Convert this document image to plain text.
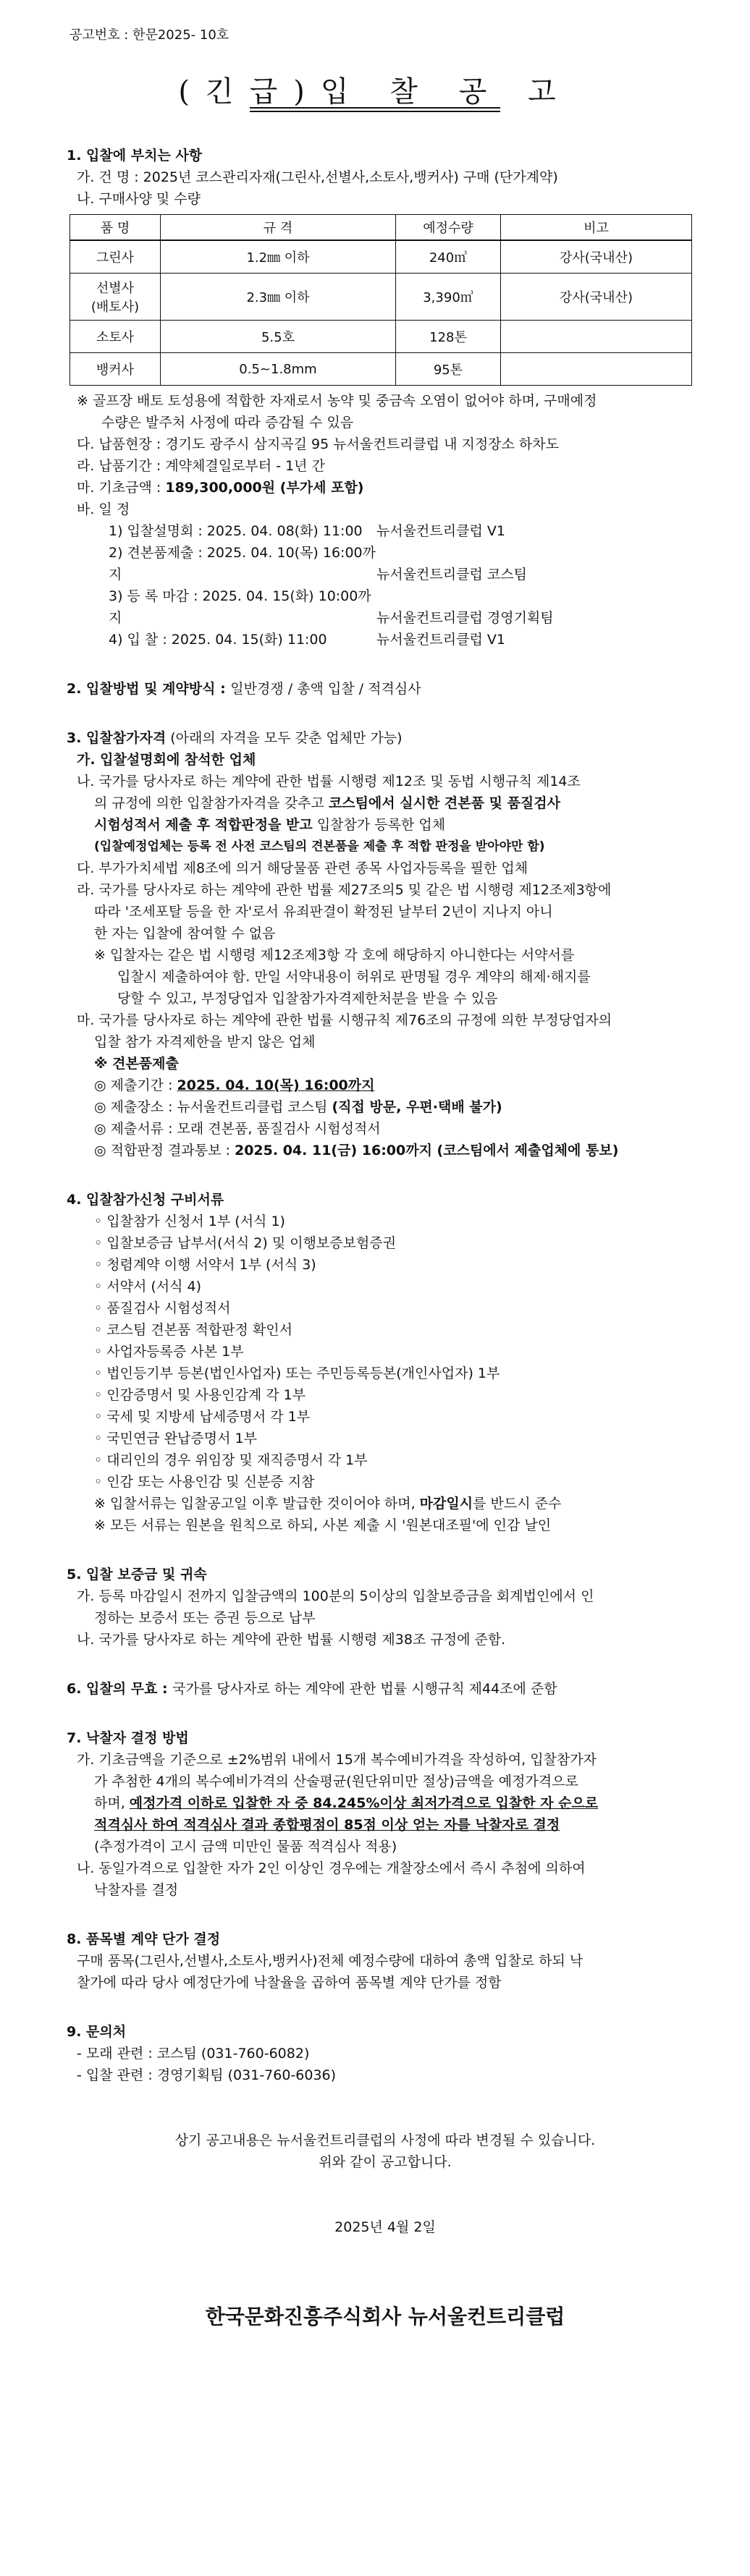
공고번호 : 한문2025- 10호
(긴급)입 찰 공 고

1. 입찰에 부치는 사항

가. 건 명 : 2025년 코스관리자재(그린사,선별사,소토사,뱅커사) 구매 (단가계약)

나. 구매사양 및 수량

품 명	규 격	예정수량	비고
그린사	1.2㎜ 이하	240㎥	강사(국내산)
선별사
(배토사)	2.3㎜ 이하	3,390㎥	강사(국내산)
소토사	5.5호	128톤	
뱅커사	0.5~1.8mm	95톤	

※ 골프장 배토 토성용에 적합한 자재로서 농약 및 중금속 오염이 없어야 하며, 구매예정

수량은 발주처 사정에 따라 증감될 수 있음

다. 납품현장 : 경기도 광주시 삼지곡길 95 뉴서울컨트리클럽 내 지정장소 하차도

라. 납품기간 : 계약체결일로부터 - 1년 간

마. 기초금액 : 189,300,000원 (부가세 포함)

바. 일 정

1) 입찰설명회 : 2025. 04. 08(화) 11:00 뉴서울컨트리클럽 V1

2) 견본품제출 : 2025. 04. 10(목) 16:00까지	뉴서울컨트리클럽 코스팀

3) 등 록 마감 : 2025. 04. 15(화) 10:00까지	뉴서울컨트리클럽 경영기획팀

4) 입 찰 : 2025. 04. 15(화) 11:00	뉴서울컨트리클럽 V1

2. 입찰방법 및 계약방식 : 일반경쟁 / 총액 입찰 / 적격심사

3. 입찰참가자격 (아래의 자격을 모두 갖춘 업체만 가능)

가. 입찰설명회에 참석한 업체

나. 국가를 당사자로 하는 계약에 관한 법률 시행령 제12조 및 동법 시행규칙 제14조

의 규정에 의한 입찰참가자격을 갖추고 코스팀에서 실시한 견본품 및 품질검사

시험성적서 제출 후 적합판정을 받고 입찰참가 등록한 업체

(입찰예정업체는 등록 전 사전 코스팀의 견본품을 제출 후 적합 판정을 받아야만 함)

다. 부가가치세법 제8조에 의거 해당물품 관련 종목 사업자등록을 필한 업체

라. 국가를 당사자로 하는 계약에 관한 법률 제27조의5 및 같은 법 시행령 제12조제3항에

따라 '조세포탈 등을 한 자'로서 유죄판결이 확정된 날부터 2년이 지나지 아니

한 자는 입찰에 참여할 수 없음

※ 입찰자는 같은 법 시행령 제12조제3항 각 호에 해당하지 아니한다는 서약서를

입찰시 제출하여야 함. 만일 서약내용이 허위로 판명될 경우 계약의 해제·해지를

당할 수 있고, 부정당업자 입찰참가자격제한처분을 받을 수 있음

마. 국가를 당사자로 하는 계약에 관한 법률 시행규칙 제76조의 규정에 의한 부정당업자의

입찰 참가 자격제한을 받지 않은 업체

※ 견본품제출

◎ 제출기간 : 2025. 04. 10(목) 16:00까지

◎ 제출장소 : 뉴서울컨트리클럽 코스팀 (직접 방문, 우편·택배 불가)

◎ 제출서류 : 모래 견본품, 품질검사 시험성적서

◎ 적합판정 결과통보 : 2025. 04. 11(금) 16:00까지 (코스팀에서 제출업체에 통보)

4. 입찰참가신청 구비서류

◦ 입찰참가 신청서 1부 (서식 1)

◦ 입찰보증금 납부서(서식 2) 및 이행보증보험증권

◦ 청렴계약 이행 서약서 1부 (서식 3)

◦ 서약서 (서식 4)

◦ 품질검사 시험성적서

◦ 코스팀 견본품 적합판정 확인서

◦ 사업자등록증 사본 1부

◦ 법인등기부 등본(법인사업자) 또는 주민등록등본(개인사업자) 1부

◦ 인감증명서 및 사용인감계 각 1부

◦ 국세 및 지방세 납세증명서 각 1부

◦ 국민연금 완납증명서 1부

◦ 대리인의 경우 위임장 및 재직증명서 각 1부

◦ 인감 또는 사용인감 및 신분증 지참

※ 입찰서류는 입찰공고일 이후 발급한 것이어야 하며, 마감일시를 반드시 준수

※ 모든 서류는 원본을 원칙으로 하되, 사본 제출 시 '원본대조필'에 인감 날인

5. 입찰 보증금 및 귀속

가. 등록 마감일시 전까지 입찰금액의 100분의 5이상의 입찰보증금을 회계법인에서 인

정하는 보증서 또는 증권 등으로 납부

나. 국가를 당사자로 하는 계약에 관한 법률 시행령 제38조 규정에 준함.

6. 입찰의 무효 : 국가를 당사자로 하는 계약에 관한 법률 시행규칙 제44조에 준함

7. 낙찰자 결정 방법

가. 기초금액을 기준으로 ±2%범위 내에서 15개 복수예비가격을 작성하여, 입찰참가자

가 추첨한 4개의 복수예비가격의 산술평균(원단위미만 절상)금액을 예정가격으로

하며, 예정가격 이하로 입찰한 자 중 84.245%이상 최저가격으로 입찰한 자 순으로

적격심사 하여 적격심사 결과 종합평점이 85점 이상 얻는 자를 낙찰자로 결정

(추정가격이 고시 금액 미만인 물품 적격심사 적용)

나. 동일가격으로 입찰한 자가 2인 이상인 경우에는 개찰장소에서 즉시 추첨에 의하여

낙찰자를 결정

8. 품목별 계약 단가 결정

구매 품목(그린사,선별사,소토사,뱅커사)전체 예정수량에 대하여 총액 입찰로 하되 낙

찰가에 따라 당사 예정단가에 낙찰율을 곱하여 품목별 계약 단가를 정함

9. 문의처

- 모래 관련 : 코스팀 (031-760-6082)

- 입찰 관련 : 경영기획팀 (031-760-6036)

상기 공고내용은 뉴서울컨트리클럽의 사정에 따라 변경될 수 있습니다.
위와 같이 공고합니다.
2025년 4월 2일
한국문화진흥주식회사 뉴서울컨트리클럽
